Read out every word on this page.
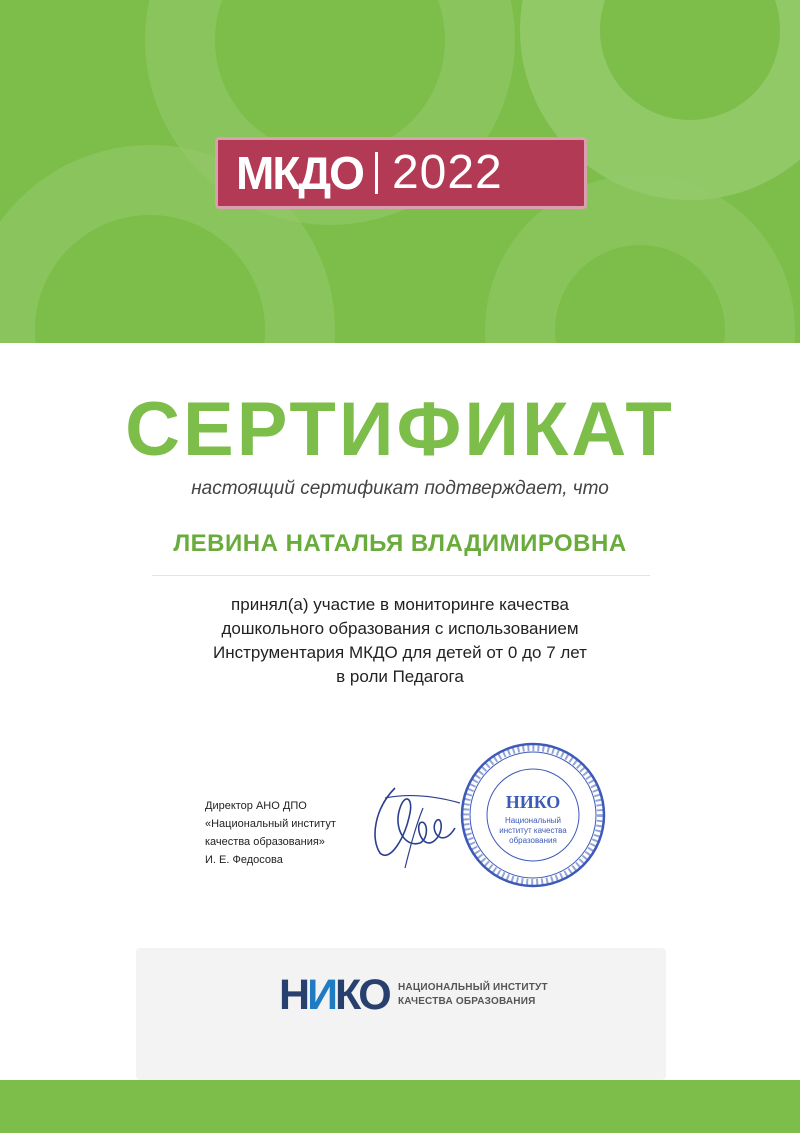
МКДО 2022
СЕРТИФИКАТ
настоящий сертификат подтверждает, что
ЛЕВИНА НАТАЛЬЯ ВЛАДИМИРОВНА
принял(а) участие в мониторинге качества
дошкольного образования с использованием
Инструментария МКДО для детей от 0 до 7 лет
в роли Педагога
Директор АНО ДПО
«Национальный институт
качества образования»
И. Е. Федосова
НИКО
Национальный
институт качества
образования
НИКО НАЦИОНАЛЬНЫЙ ИНСТИТУТ
КАЧЕСТВА ОБРАЗОВАНИЯ
